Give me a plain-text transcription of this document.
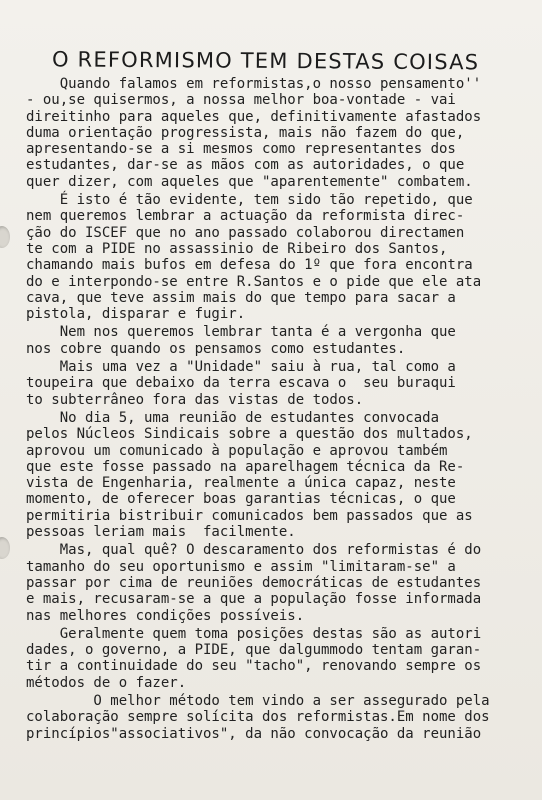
O REFORMISMO TEM DESTAS COISAS
Quando falamos em reformistas,o nosso pensamento''
- ou,se quisermos, a nossa melhor boa-vontade - vai
direitinho para aqueles que, definitivamente afastados
duma orientação progressista, mais não fazem do que,
apresentando-se a si mesmos como representantes dos
estudantes, dar-se as mãos com as autoridades, o que
quer dizer, com aqueles que "aparentemente" combatem.
É isto é tão evidente, tem sido tão repetido, que
nem queremos lembrar a actuação da reformista direc-
ção do ISCEF que no ano passado colaborou directamen
te com a PIDE no assassinio de Ribeiro dos Santos,
chamando mais bufos em defesa do 1º que fora encontra
do e interpondo-se entre R.Santos e o pide que ele ata
cava, que teve assim mais do que tempo para sacar a
pistola, disparar e fugir.
Nem nos queremos lembrar tanta é a vergonha que
nos cobre quando os pensamos como estudantes.
Mais uma vez a "Unidade" saiu à rua, tal como a
toupeira que debaixo da terra escava o  seu buraqui
to subterrâneo fora das vistas de todos.
No dia 5, uma reunião de estudantes convocada
pelos Núcleos Sindicais sobre a questão dos multados,
aprovou um comunicado à população e aprovou também
que este fosse passado na aparelhagem técnica da Re-
vista de Engenharia, realmente a única capaz, neste
momento, de oferecer boas garantias técnicas, o que
permitiria bistribuir comunicados bem passados que as
pessoas leriam mais  facilmente.
Mas, qual quê? O descaramento dos reformistas é do
tamanho do seu oportunismo e assim "limitaram-se" a
passar por cima de reuniões democráticas de estudantes
e mais, recusaram-se a que a população fosse informada
nas melhores condições possíveis.
Geralmente quem toma posições destas são as autori
dades, o governo, a PIDE, que dalgummodo tentam garan-
tir a continuidade do seu "tacho", renovando sempre os
métodos de o fazer.
O melhor método tem vindo a ser assegurado pela
colaboração sempre solícita dos reformistas.Em nome dos
princípios"associativos", da não convocação da reunião
